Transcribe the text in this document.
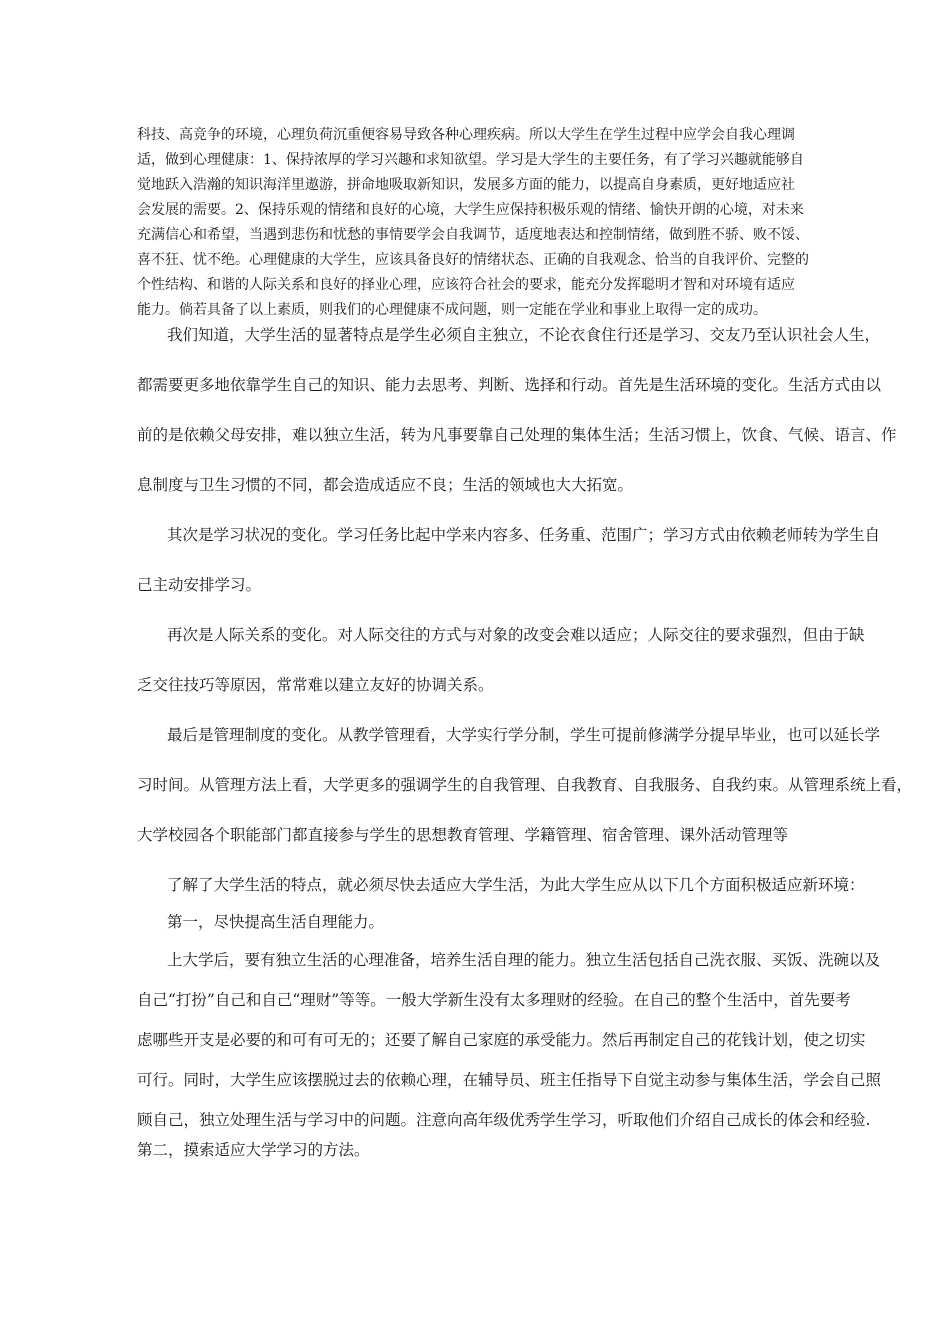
科技、高竞争的环境，心理负荷沉重便容易导致各种心理疾病。所以大学生在学生过程中应学会自我心理调
适，做到心理健康：1、保持浓厚的学习兴趣和求知欲望。学习是大学生的主要任务，有了学习兴趣就能够自
觉地跃入浩瀚的知识海洋里遨游，拼命地吸取新知识，发展多方面的能力，以提高自身素质，更好地适应社
会发展的需要。2、保持乐观的情绪和良好的心境，大学生应保持积极乐观的情绪、愉快开朗的心境，对未来
充满信心和希望，当遇到悲伤和忧愁的事情要学会自我调节，适度地表达和控制情绪，做到胜不骄、败不馁、
喜不狂、忧不绝。心理健康的大学生，应该具备良好的情绪状态、正确的自我观念、恰当的自我评价、完整的
个性结构、和谐的人际关系和良好的择业心理，应该符合社会的要求，能充分发挥聪明才智和对环境有适应
能力。倘若具备了以上素质，则我们的心理健康不成问题，则一定能在学业和事业上取得一定的成功。
我们知道，大学生活的显著特点是学生必须自主独立，不论衣食住行还是学习、交友乃至认识社会人生，
都需要更多地依靠学生自己的知识、能力去思考、判断、选择和行动。首先是生活环境的变化。生活方式由以
前的是依赖父母安排，难以独立生活，转为凡事要靠自己处理的集体生活；生活习惯上，饮食、气候、语言、作
息制度与卫生习惯的不同，都会造成适应不良；生活的领域也大大拓宽。
其次是学习状况的变化。学习任务比起中学来内容多、任务重、范围广；学习方式由依赖老师转为学生自
己主动安排学习。
再次是人际关系的变化。对人际交往的方式与对象的改变会难以适应；人际交往的要求强烈，但由于缺
乏交往技巧等原因，常常难以建立友好的协调关系。
最后是管理制度的变化。从教学管理看，大学实行学分制，学生可提前修满学分提早毕业，也可以延长学
习时间。从管理方法上看，大学更多的强调学生的自我管理、自我教育、自我服务、自我约束。从管理系统上看，
大学校园各个职能部门都直接参与学生的思想教育管理、学籍管理、宿舍管理、课外活动管理等
了解了大学生活的特点，就必须尽快去适应大学生活，为此大学生应从以下几个方面积极适应新环境：
第一，尽快提高生活自理能力。
上大学后，要有独立生活的心理准备，培养生活自理的能力。独立生活包括自己洗衣服、买饭、洗碗以及
自己“打扮”自己和自己“理财”等等。一般大学新生没有太多理财的经验。在自己的整个生活中，首先要考
虑哪些开支是必要的和可有可无的；还要了解自己家庭的承受能力。然后再制定自己的花钱计划，使之切实
可行。同时，大学生应该摆脱过去的依赖心理，在辅导员、班主任指导下自觉主动参与集体生活，学会自己照
顾自己，独立处理生活与学习中的问题。注意向高年级优秀学生学习，听取他们介绍自己成长的体会和经验.
第二，摸索适应大学学习的方法。
